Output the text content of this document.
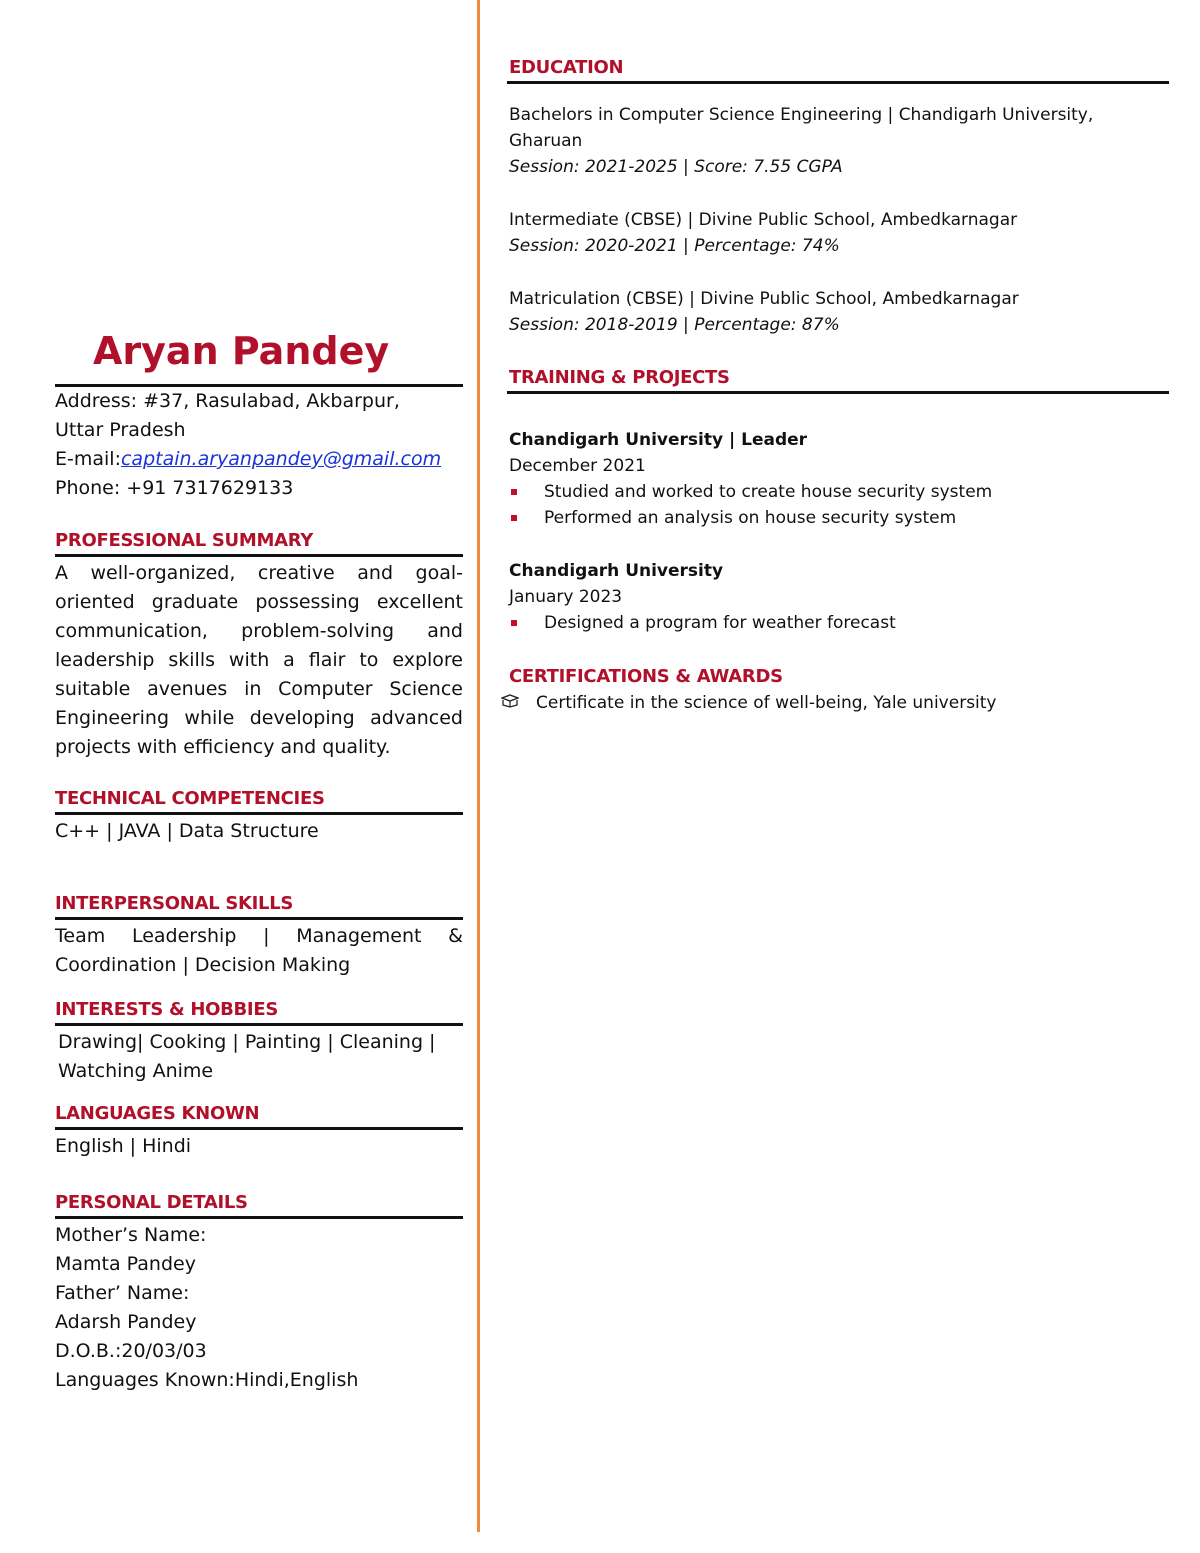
Aryan Pandey
Address: #37, Rasulabad, Akbarpur,
Uttar Pradesh
E-mail:captain.aryanpandey@gmail.com
Phone: +91 7317629133
PROFESSIONAL SUMMARY
A well-organized, creative and goal-oriented graduate possessing excellent communication, problem-solving and leadership skills with a flair to explore suitable avenues in Computer Science Engineering while developing advanced projects with efficiency and quality.
TECHNICAL COMPETENCIES
C++ | JAVA | Data Structure
INTERPERSONAL SKILLS
Team Leadership | Management & Coordination | Decision Making
INTERESTS & HOBBIES
Drawing| Cooking | Painting | Cleaning | Watching Anime
LANGUAGES KNOWN
English | Hindi
PERSONAL DETAILS
Mother’s Name:
Mamta Pandey
Father’ Name:
Adarsh Pandey
D.O.B.:20/03/03
Languages Known:Hindi,English
EDUCATION
Bachelors in Computer Science Engineering | Chandigarh University, Gharuan
Session: 2021-2025 | Score: 7.55 CGPA
Intermediate (CBSE) | Divine Public School, Ambedkarnagar
Session: 2020-2021 | Percentage: 74%
Matriculation (CBSE) | Divine Public School, Ambedkarnagar
Session: 2018-2019 | Percentage: 87%
TRAINING & PROJECTS
Chandigarh University | Leader
December 2021
Studied and worked to create house security system
Performed an analysis on house security system
Chandigarh University
January 2023
Designed a program for weather forecast
CERTIFICATIONS & AWARDS
Certificate in the science of well-being, Yale university
